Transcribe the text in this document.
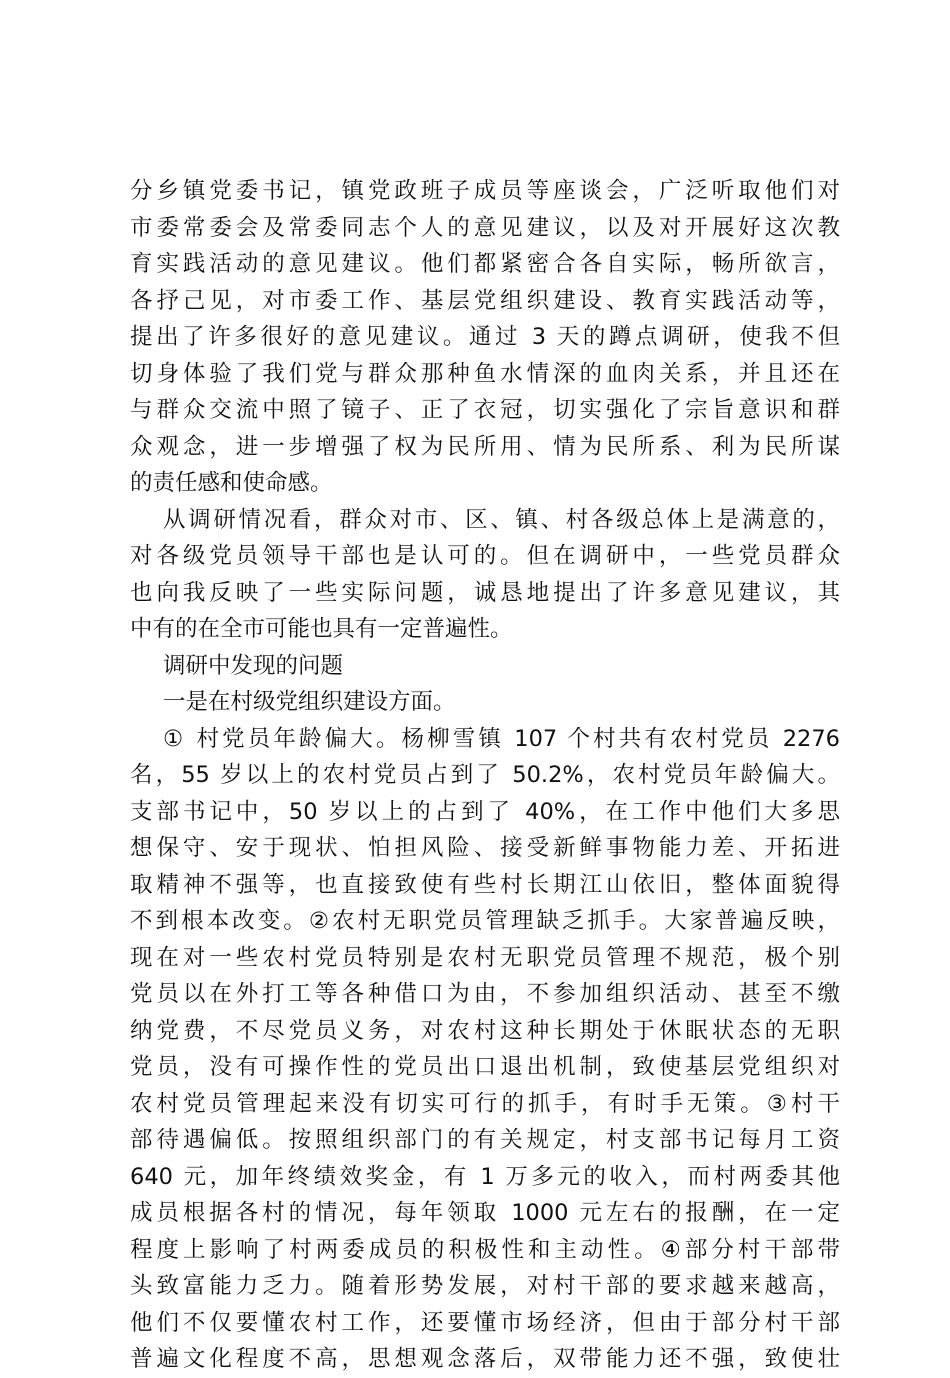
分乡镇党委书记，镇党政班子成员等座谈会，广泛听取他们对
市委常委会及常委同志个人的意见建议，以及对开展好这次教
育实践活动的意见建议。他们都紧密合各自实际，畅所欲言，
各抒己见，对市委工作、基层党组织建设、教育实践活动等，
提出了许多很好的意见建议。通过 3 天的蹲点调研，使我不但
切身体验了我们党与群众那种鱼水情深的血肉关系，并且还在
与群众交流中照了镜子、正了衣冠，切实强化了宗旨意识和群
众观念，进一步增强了权为民所用、情为民所系、利为民所谋
的责任感和使命感。
从调研情况看，群众对市、区、镇、村各级总体上是满意的，
对各级党员领导干部也是认可的。但在调研中，一些党员群众
也向我反映了一些实际问题，诚恳地提出了许多意见建议，其
中有的在全市可能也具有一定普遍性。
调研中发现的问题
一是在村级党组织建设方面。
① 村党员年龄偏大。杨柳雪镇 107 个村共有农村党员 2276
名，55 岁以上的农村党员占到了 50.2%，农村党员年龄偏大。
支部书记中，50 岁以上的占到了 40%，在工作中他们大多思
想保守、安于现状、怕担风险、接受新鲜事物能力差、开拓进
取精神不强等，也直接致使有些村长期江山依旧，整体面貌得
不到根本改变。②农村无职党员管理缺乏抓手。大家普遍反映，
现在对一些农村党员特别是农村无职党员管理不规范，极个别
党员以在外打工等各种借口为由，不参加组织活动、甚至不缴
纳党费，不尽党员义务，对农村这种长期处于休眠状态的无职
党员，没有可操作性的党员出口退出机制，致使基层党组织对
农村党员管理起来没有切实可行的抓手，有时手无策。③村干
部待遇偏低。按照组织部门的有关规定，村支部书记每月工资
640 元，加年终绩效奖金，有 1 万多元的收入，而村两委其他
成员根据各村的情况，每年领取 1000 元左右的报酬，在一定
程度上影响了村两委成员的积极性和主动性。④部分村干部带
头致富能力乏力。随着形势发展，对村干部的要求越来越高，
他们不仅要懂农村工作，还要懂市场经济，但由于部分村干部
普遍文化程度不高，思想观念落后，双带能力还不强，致使壮
